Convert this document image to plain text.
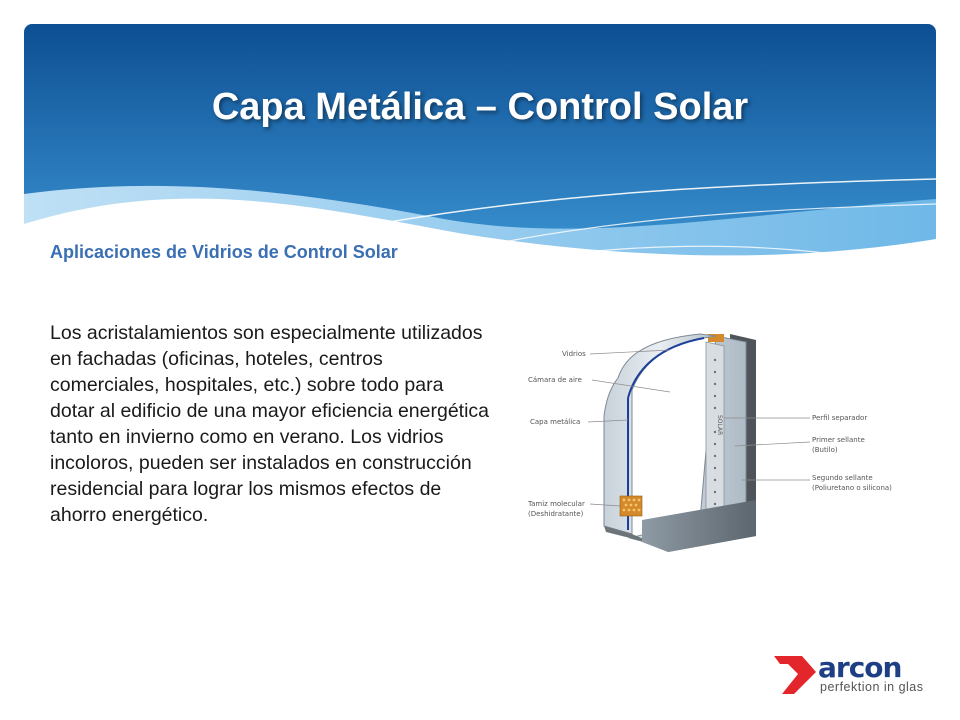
Capa Metálica – Control Solar
Aplicaciones de Vidrios de Control Solar
Los acristalamientos son especialmente utilizados en fachadas (oficinas, hoteles, centros comerciales, hospitales, etc.) sobre todo para dotar al edificio de una mayor eficiencia energética tanto en invierno como en verano. Los vidrios incoloros, pueden ser instalados en construcción residencial para lograr los mismos efectos de ahorro energético.
SOLAR
Vidrios
Cámara de aire
Capa metálica
Tamiz molecular
(Deshidratante)
Perfil separador
Primer sellante
(Butilo)
Segundo sellante
(Poliuretano o silicona)
arcon
perfektion in glas
